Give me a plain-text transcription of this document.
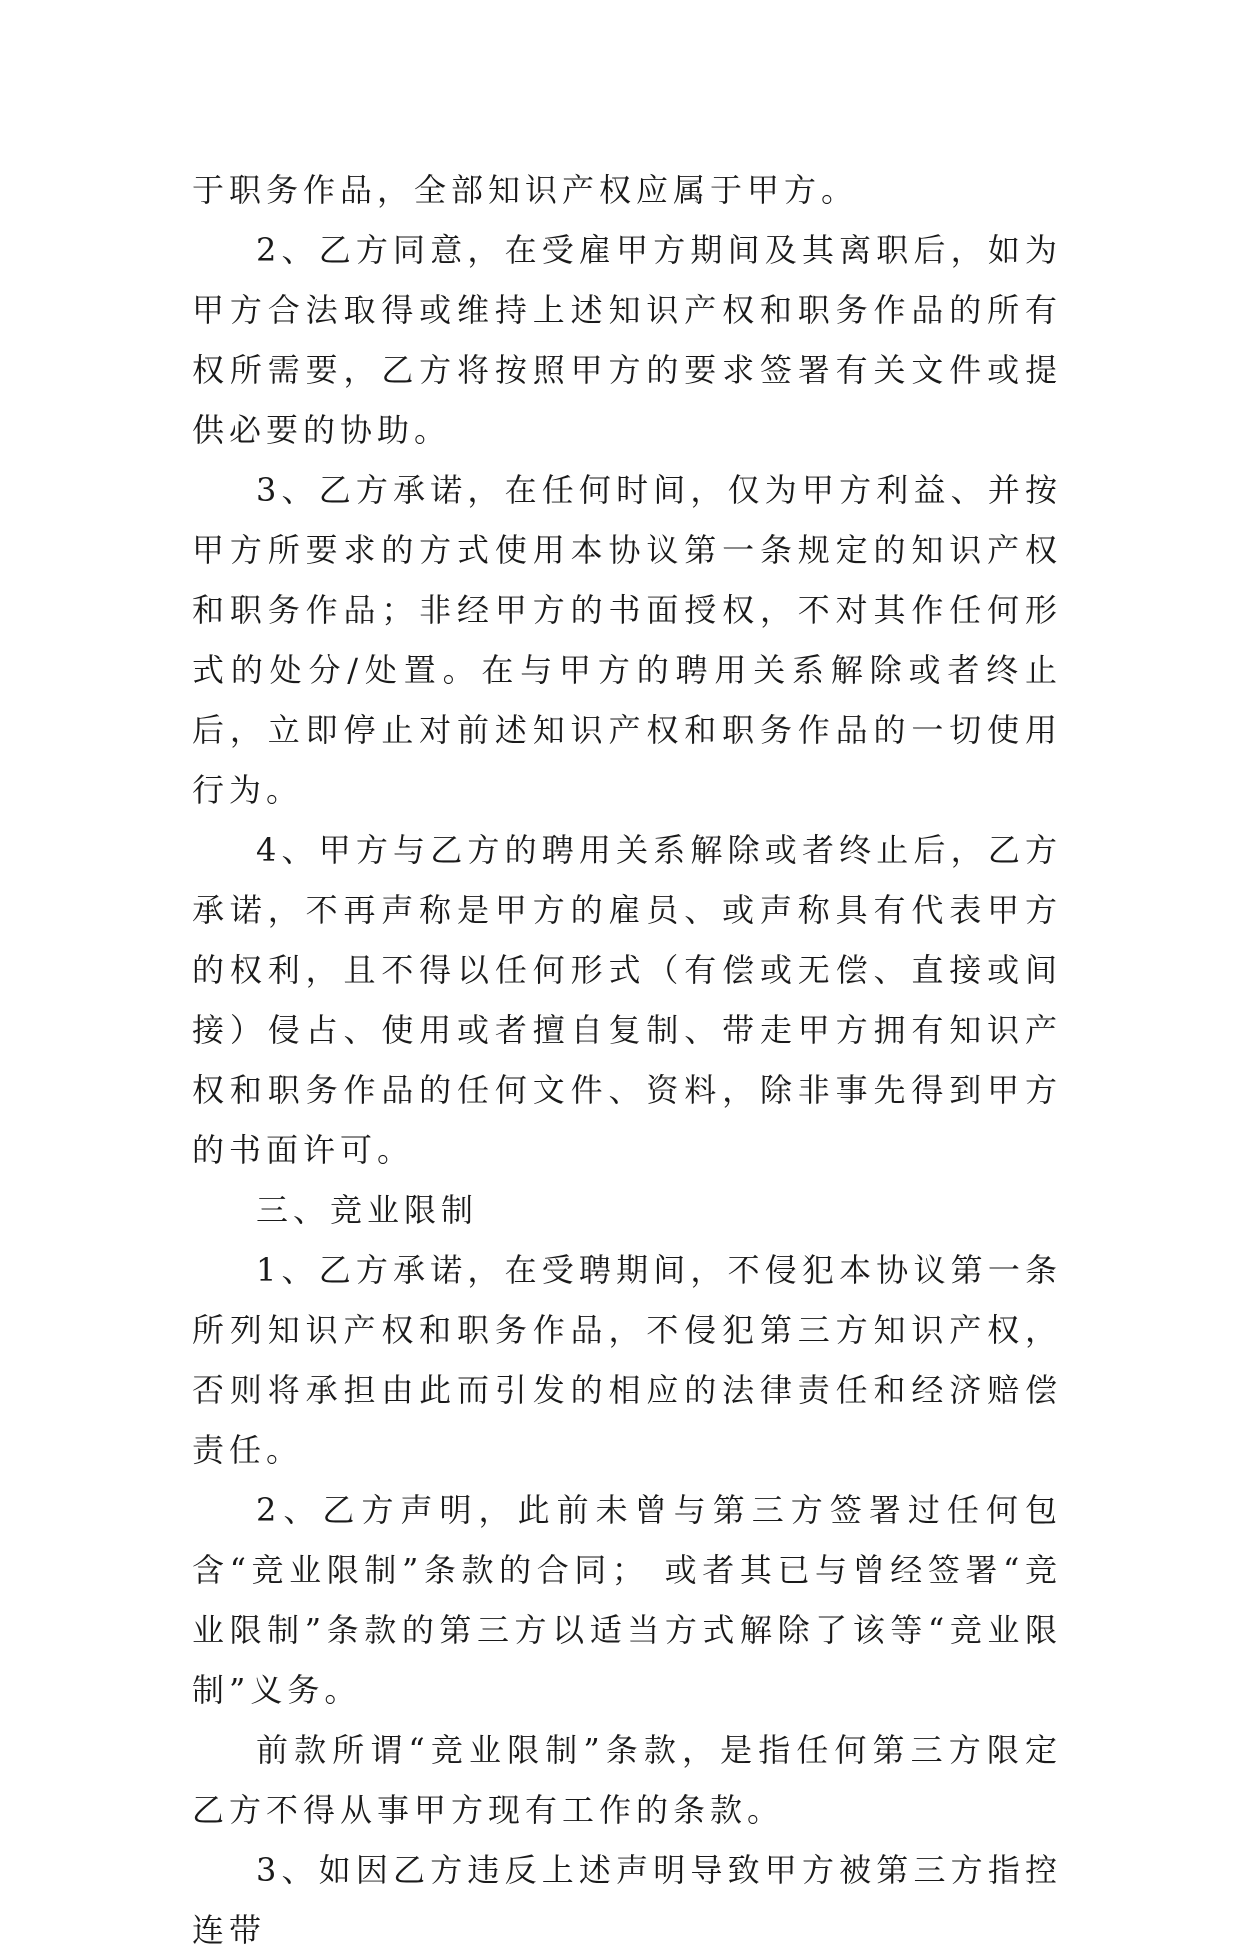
于职务作品，全部知识产权应属于甲方。

2、乙方同意，在受雇甲方期间及其离职后，如为甲方合法取得或维持上述知识产权和职务作品的所有权所需要，乙方将按照甲方的要求签署有关文件或提供必要的协助。

3、乙方承诺，在任何时间，仅为甲方利益、并按甲方所要求的方式使用本协议第一条规定的知识产权和职务作品；非经甲方的书面授权，不对其作任何形式的处分/处置。在与甲方的聘用关系解除或者终止后，立即停止对前述知识产权和职务作品的一切使用行为。

4、甲方与乙方的聘用关系解除或者终止后，乙方承诺，不再声称是甲方的雇员、或声称具有代表甲方的权利，且不得以任何形式（有偿或无偿、直接或间接）侵占、使用或者擅自复制、带走甲方拥有知识产权和职务作品的任何文件、资料，除非事先得到甲方的书面许可。

三、竞业限制

1、乙方承诺，在受聘期间，不侵犯本协议第一条所列知识产权和职务作品，不侵犯第三方知识产权，否则将承担由此而引发的相应的法律责任和经济赔偿责任。

2、乙方声明，此前未曾与第三方签署过任何包含“竞业限制”条款的合同； 或者其已与曾经签署“竞业限制”条款的第三方以适当方式解除了该等“竞业限制”义务。

前款所谓“竞业限制”条款，是指任何第三方限定乙方不得从事甲方现有工作的条款。

3、如因乙方违反上述声明导致甲方被第三方指控连带
